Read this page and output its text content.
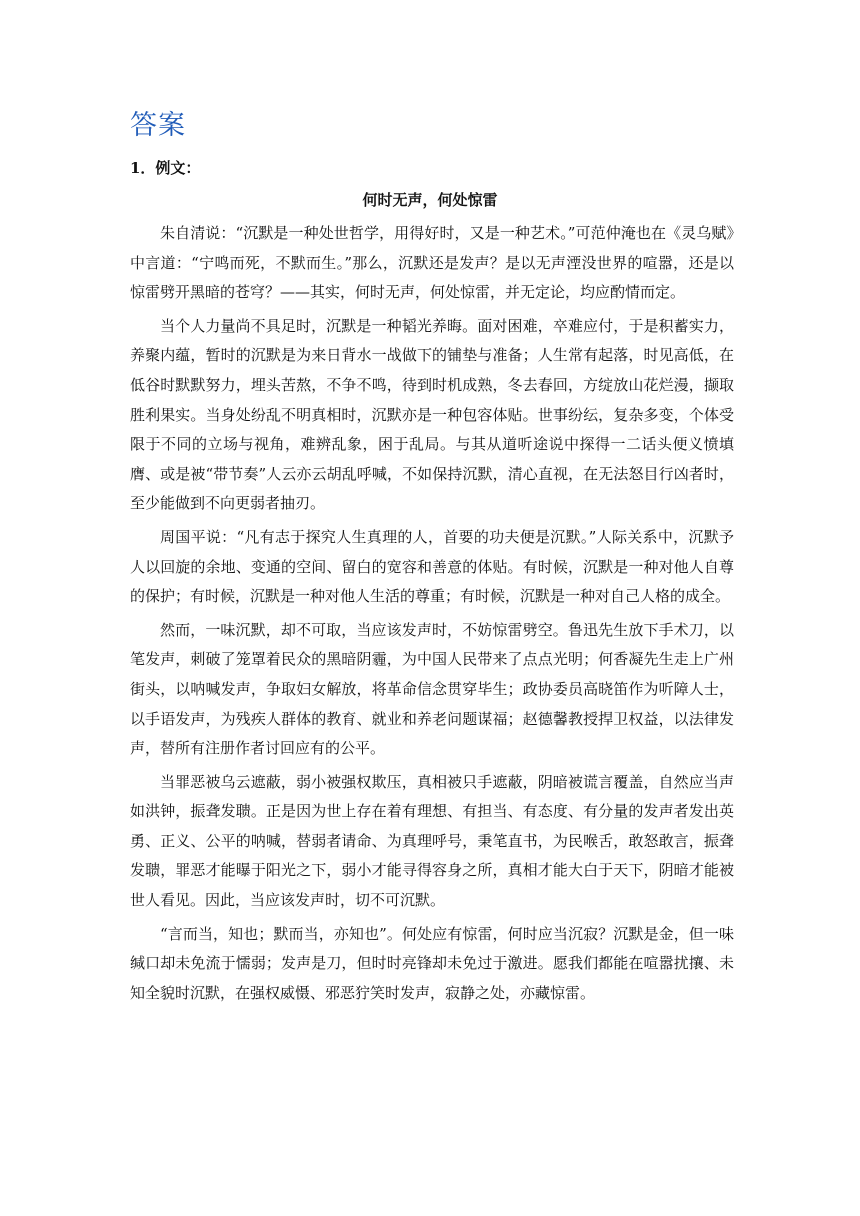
答案
1．例文：
何时无声，何处惊雷

朱自清说：“沉默是一种处世哲学，用得好时，又是一种艺术。”可范仲淹也在《灵乌赋》中言道：“宁鸣而死，不默而生。”那么，沉默还是发声？是以无声湮没世界的喧嚣，还是以惊雷劈开黑暗的苍穹？——其实，何时无声，何处惊雷，并无定论，均应酌情而定。

当个人力量尚不具足时，沉默是一种韬光养晦。面对困难，卒难应付，于是积蓄实力，养聚内蕴，暂时的沉默是为来日背水一战做下的铺垫与准备；人生常有起落，时见高低，在低谷时默默努力，埋头苦熬，不争不鸣，待到时机成熟，冬去春回，方绽放山花烂漫，撷取胜利果实。当身处纷乱不明真相时，沉默亦是一种包容体贴。世事纷纭，复杂多变，个体受限于不同的立场与视角，难辨乱象，困于乱局。与其从道听途说中探得一二话头便义愤填膺、或是被“带节奏”人云亦云胡乱呼喊，不如保持沉默，清心直视，在无法怒目行凶者时，至少能做到不向更弱者抽刃。

周国平说：“凡有志于探究人生真理的人，首要的功夫便是沉默。”人际关系中，沉默予人以回旋的余地、变通的空间、留白的宽容和善意的体贴。有时候，沉默是一种对他人自尊的保护；有时候，沉默是一种对他人生活的尊重；有时候，沉默是一种对自己人格的成全。

然而，一味沉默，却不可取，当应该发声时，不妨惊雷劈空。鲁迅先生放下手术刀，以笔发声，刺破了笼罩着民众的黑暗阴霾，为中国人民带来了点点光明；何香凝先生走上广州街头，以呐喊发声，争取妇女解放，将革命信念贯穿毕生；政协委员高晓笛作为听障人士，以手语发声，为残疾人群体的教育、就业和养老问题谋福；赵德馨教授捍卫权益，以法律发声，替所有注册作者讨回应有的公平。

当罪恶被乌云遮蔽，弱小被强权欺压，真相被只手遮蔽，阴暗被谎言覆盖，自然应当声如洪钟，振聋发聩。正是因为世上存在着有理想、有担当、有态度、有分量的发声者发出英勇、正义、公平的呐喊，替弱者请命、为真理呼号，秉笔直书，为民喉舌，敢怒敢言，振聋发聩，罪恶才能曝于阳光之下，弱小才能寻得容身之所，真相才能大白于天下，阴暗才能被世人看见。因此，当应该发声时，切不可沉默。

“言而当，知也；默而当，亦知也”。何处应有惊雷，何时应当沉寂？沉默是金，但一味缄口却未免流于懦弱；发声是刀，但时时亮锋却未免过于激进。愿我们都能在喧嚣扰攘、未知全貌时沉默，在强权威慑、邪恶狞笑时发声，寂静之处，亦藏惊雷。
